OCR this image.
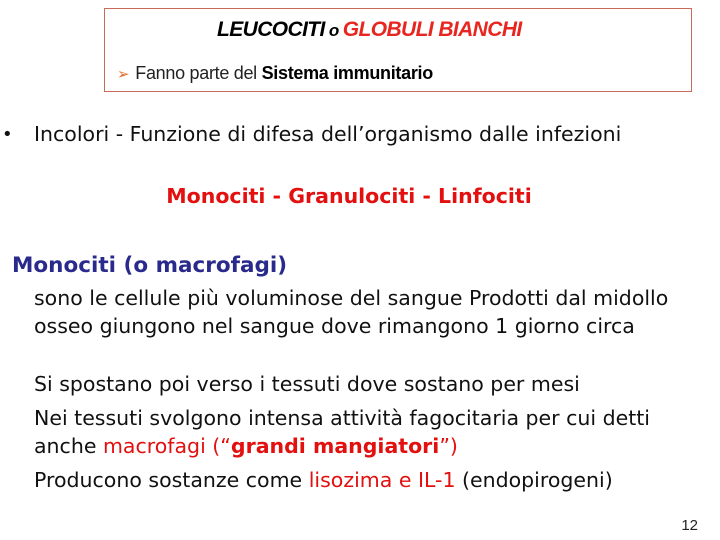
LEUCOCITI o GLOBULI BIANCHI
➢ Fanno parte del Sistema immunitario
• Incolori - Funzione di difesa dell’organismo dalle infezioni
Monociti - Granulociti - Linfociti
Monociti (o macrofagi)
sono le cellule più voluminose del sangue Prodotti dal midollo osseo giungono nel sangue dove rimangono 1 giorno circa
Si spostano poi verso i tessuti dove sostano per mesi
Nei tessuti svolgono intensa attività fagocitaria per cui detti anche macrofagi (“grandi mangiatori”)
Producono sostanze come lisozima e IL-1 (endopirogeni)
12
